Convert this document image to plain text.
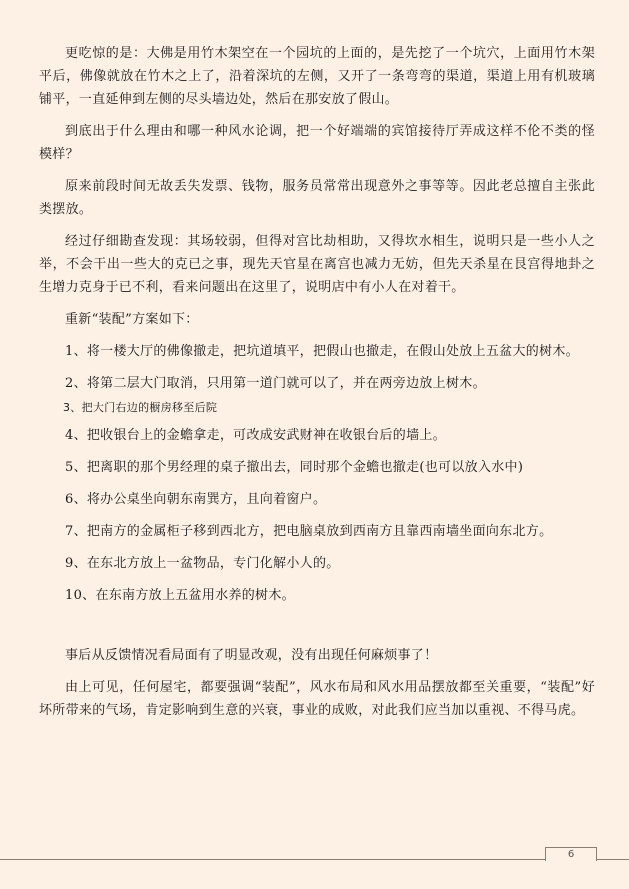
更吃惊的是：大佛是用竹木架空在一个园坑的上面的，是先挖了一个坑穴，上面用竹木架平后，佛像就放在竹木之上了，沿着深坑的左侧，又开了一条弯弯的渠道，渠道上用有机玻璃铺平，一直延伸到左侧的尽头墙边处，然后在那安放了假山。

到底出于什么理由和哪一种风水论调，把一个好端端的宾馆接待厅弄成这样不伦不类的怪模样？

原来前段时间无故丢失发票、钱物，服务员常常出现意外之事等等。因此老总擅自主张此类摆放。

经过仔细勘查发现：其场较弱，但得对宫比劫相助，又得坎水相生，说明只是一些小人之举，不会干出一些大的克已之事，现先天官星在离宫也减力无妨，但先天杀星在艮宫得地卦之生增力克身于已不利，看来问题出在这里了，说明店中有小人在对着干。

重新“装配”方案如下：

1、将一楼大厅的佛像撤走，把坑道填平，把假山也撤走，在假山处放上五盆大的树木。
2、将第二层大门取消，只用第一道门就可以了，并在两旁边放上树木。
3、把大门右边的橱房移至后院
4、把收银台上的金蟾拿走，可改成安武财神在收银台后的墙上。
5、把离职的那个男经理的桌子撤出去，同时那个金蟾也撤走(也可以放入水中)
6、将办公桌坐向朝东南巽方，且向着窗户。
7、把南方的金属柜子移到西北方，把电脑桌放到西南方且靠西南墙坐面向东北方。
9、在东北方放上一盆物品，专门化解小人的。
10、在东南方放上五盆用水养的树木。

事后从反馈情况看局面有了明显改观，没有出现任何麻烦事了！

由上可见，任何屋宅，都要强调“装配”，风水布局和风水用品摆放都至关重要，“装配”好坏所带来的气场，肯定影响到生意的兴衰，事业的成败，对此我们应当加以重视、不得马虎。

6
